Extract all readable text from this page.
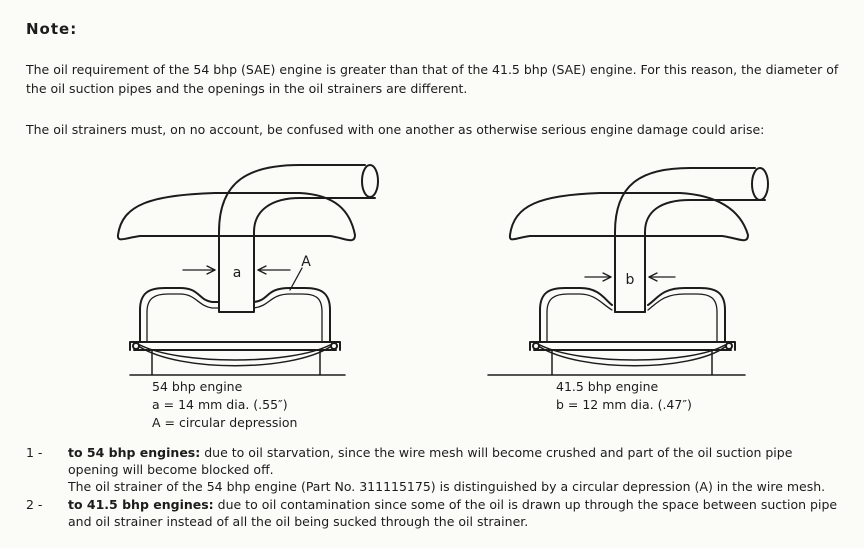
Note:
The oil requirement of the 54 bhp (SAE) engine is greater than that of the 41.5 bhp (SAE) engine. For this reason, the diameter of the oil suction pipes and the openings in the oil strainers are different.
The oil strainers must, on no account, be confused with one another as otherwise serious engine damage could arise:
a
A
b
54 bhp engine
a = 14 mm dia. (.55″)
A = circular depression
41.5 bhp engine
b = 12 mm dia. (.47″)
1 - to 54 bhp engines: due to oil starvation, since the wire mesh will become crushed and part of the oil suction pipe
opening will become blocked off.
The oil strainer of the 54 bhp engine (Part No. 311115175) is distinguished by a circular depression (A) in the wire mesh.
2 - to 41.5 bhp engines: due to oil contamination since some of the oil is drawn up through the space between suction pipe
and oil strainer instead of all the oil being sucked through the oil strainer.
